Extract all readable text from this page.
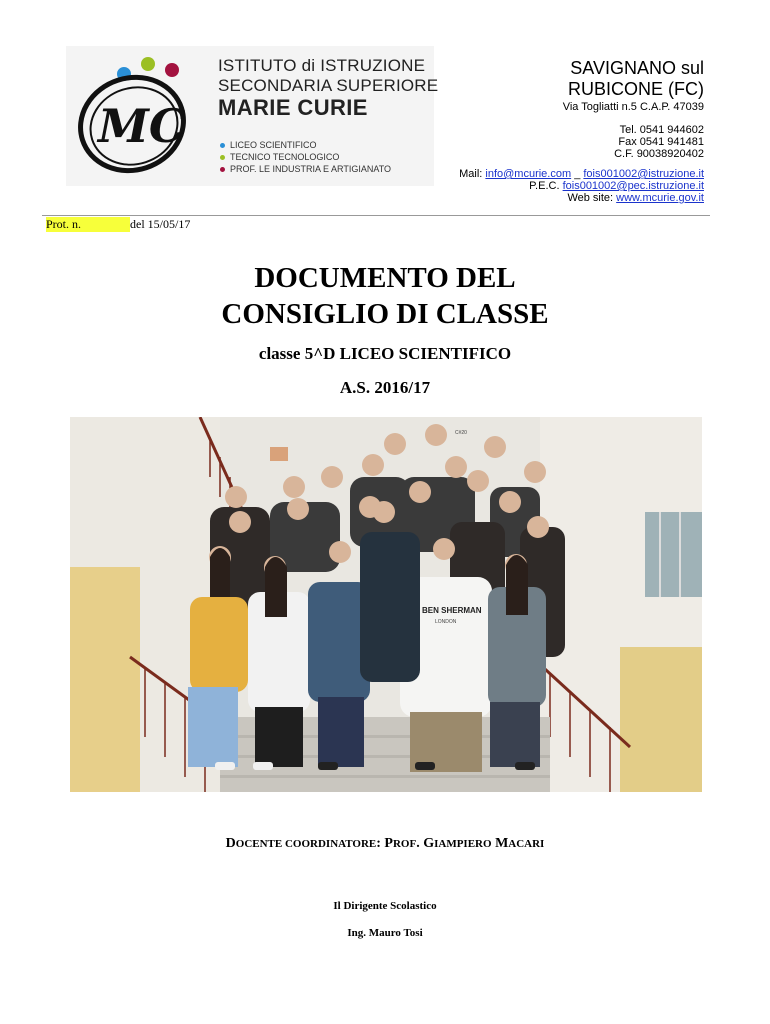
MC
ISTITUTO di ISTRUZIONE
SECONDARIA SUPERIORE
MARIE CURIE
LICEO SCIENTIFICO
TECNICO TECNOLOGICO
PROF. LE INDUSTRIA E ARTIGIANATO
SAVIGNANO sul
RUBICONE (FC)
Via Togliatti n.5 C.A.P. 47039
Tel. 0541 944602
Fax 0541 941481
C.F. 90038920402
Mail: info@mcurie.com _ fois001002@istruzione.it
P.E.C. fois001002@pec.istruzione.it
Web site: www.mcurie.gov.it
Prot. n.	del 15/05/17
DOCUMENTO DEL
CONSIGLIO DI CLASSE
classe 5^D LICEO SCIENTIFICO
A.S. 2016/17
C#20
BEN SHERMAN
LONDON
DOCENTE COORDINATORE: PROF. GIAMPIERO MACARI
Il Dirigente Scolastico
Ing. Mauro Tosi
